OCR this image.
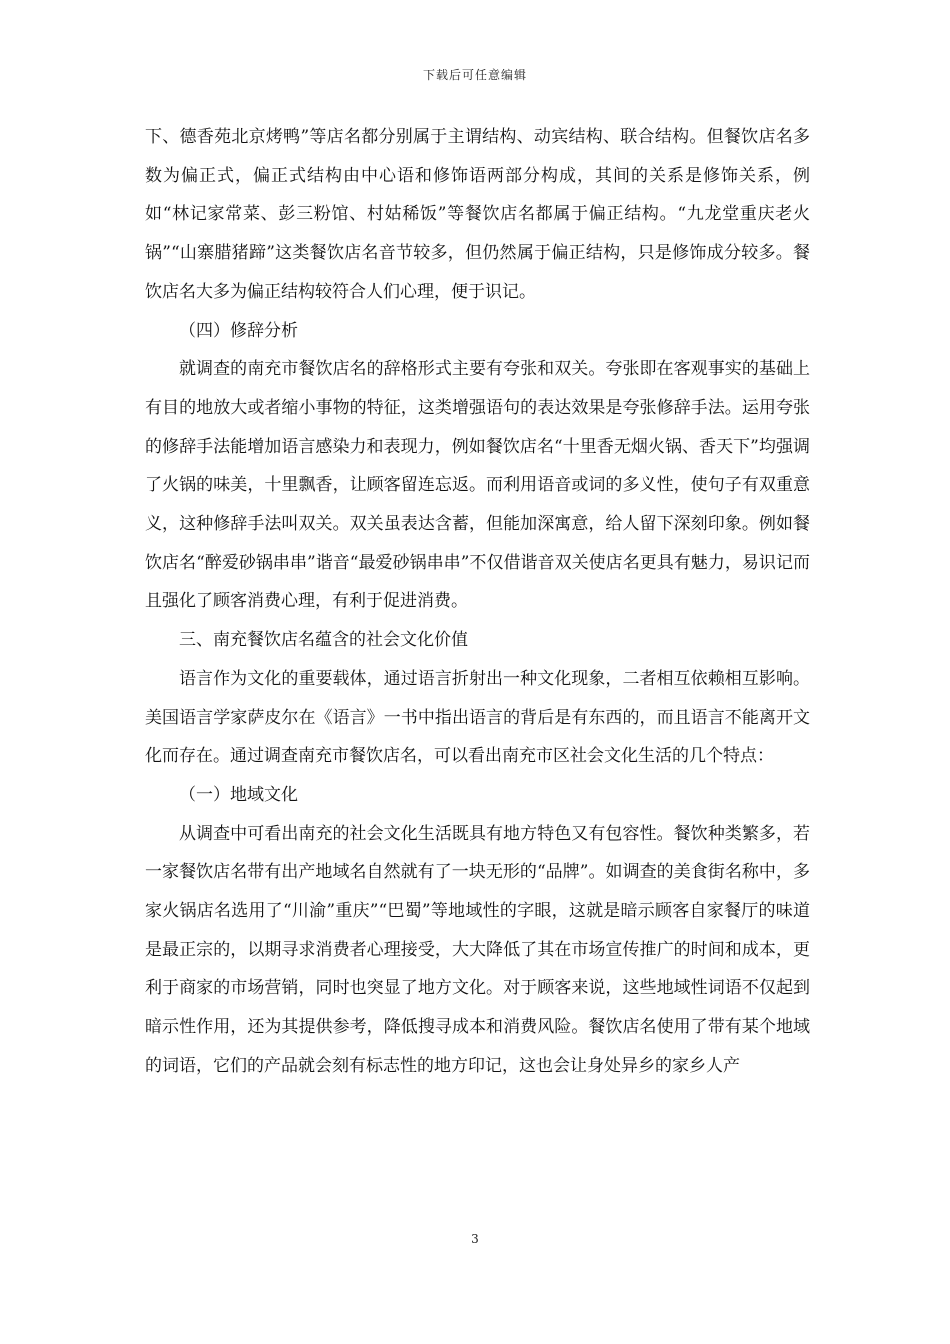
下载后可任意编辑

下、德香苑北京烤鸭”等店名都分别属于主谓结构、动宾结构、联合结构。但餐饮店名多数为偏正式，偏正式结构由中心语和修饰语两部分构成，其间的关系是修饰关系，例如“林记家常菜、彭三粉馆、村姑稀饭”等餐饮店名都属于偏正结构。“九龙堂重庆老火锅”“山寨腊猪蹄”这类餐饮店名音节较多，但仍然属于偏正结构，只是修饰成分较多。餐饮店名大多为偏正结构较符合人们心理，便于识记。

（四）修辞分析

就调查的南充市餐饮店名的辞格形式主要有夸张和双关。夸张即在客观事实的基础上有目的地放大或者缩小事物的特征，这类增强语句的表达效果是夸张修辞手法。运用夸张的修辞手法能增加语言感染力和表现力，例如餐饮店名“十里香无烟火锅、香天下”均强调了火锅的味美，十里飘香，让顾客留连忘返。而利用语音或词的多义性，使句子有双重意义，这种修辞手法叫双关。双关虽表达含蓄，但能加深寓意，给人留下深刻印象。例如餐饮店名“醉爱砂锅串串”谐音“最爱砂锅串串”不仅借谐音双关使店名更具有魅力，易识记而且强化了顾客消费心理，有利于促进消费。

三、南充餐饮店名蕴含的社会文化价值

语言作为文化的重要载体，通过语言折射出一种文化现象，二者相互依赖相互影响。美国语言学家萨皮尔在《语言》一书中指出语言的背后是有东西的，而且语言不能离开文化而存在。通过调查南充市餐饮店名，可以看出南充市区社会文化生活的几个特点：

（一）地域文化

从调查中可看出南充的社会文化生活既具有地方特色又有包容性。餐饮种类繁多，若一家餐饮店名带有出产地域名自然就有了一块无形的“品牌”。如调查的美食街名称中，多家火锅店名选用了“川渝”重庆”“巴蜀”等地域性的字眼，这就是暗示顾客自家餐厅的味道是最正宗的，以期寻求消费者心理接受，大大降低了其在市场宣传推广的时间和成本，更利于商家的市场营销，同时也突显了地方文化。对于顾客来说，这些地域性词语不仅起到暗示性作用，还为其提供参考，降低搜寻成本和消费风险。餐饮店名使用了带有某个地域的词语，它们的产品就会刻有标志性的地方印记，这也会让身处异乡的家乡人产

3
